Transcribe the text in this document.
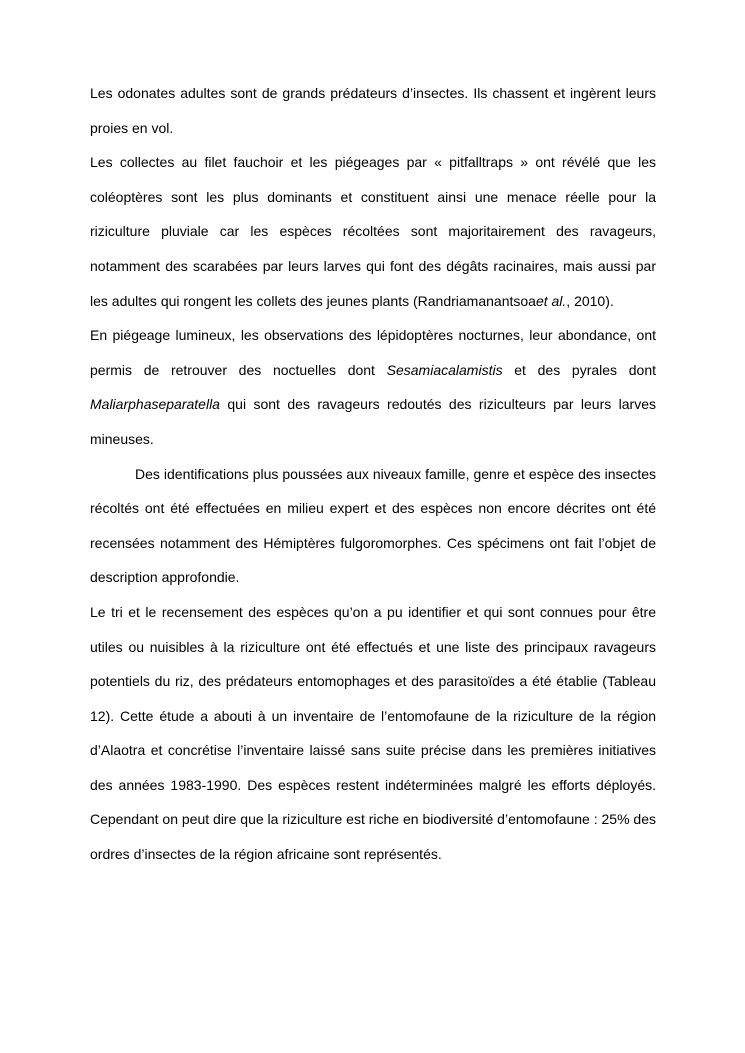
Les odonates adultes sont de grands prédateurs d’insectes. Ils chassent et ingèrent leurs proies en vol.

Les collectes au filet fauchoir et les piégeages par « pitfalltraps » ont révélé que les coléoptères sont les plus dominants et constituent ainsi une menace réelle pour la riziculture pluviale car les espèces récoltées sont majoritairement des ravageurs, notamment des scarabées par leurs larves qui font des dégâts racinaires, mais aussi par les adultes qui rongent les collets des jeunes plants (Randriamanantsoaet al., 2010).

En piégeage lumineux, les observations des lépidoptères nocturnes, leur abondance, ont permis de retrouver des noctuelles dont Sesamiacalamistis et des pyrales dont Maliarphaseparatella qui sont des ravageurs redoutés des riziculteurs par leurs larves mineuses.

Des identifications plus poussées aux niveaux famille, genre et espèce des insectes récoltés ont été effectuées en milieu expert et des espèces non encore décrites ont été recensées notamment des Hémiptères fulgoromorphes. Ces spécimens ont fait l’objet de description approfondie.

Le tri et le recensement des espèces qu’on a pu identifier et qui sont connues pour être utiles ou nuisibles à la riziculture ont été effectués et une liste des principaux ravageurs potentiels du riz, des prédateurs entomophages et des parasitoïdes a été établie (Tableau 12). Cette étude a abouti à un inventaire de l’entomofaune de la riziculture de la région d’Alaotra et concrétise l’inventaire laissé sans suite précise dans les premières initiatives des années 1983-1990. Des espèces restent indéterminées malgré les efforts déployés. Cependant on peut dire que la riziculture est riche en biodiversité d’entomofaune : 25% des ordres d’insectes de la région africaine sont représentés.
